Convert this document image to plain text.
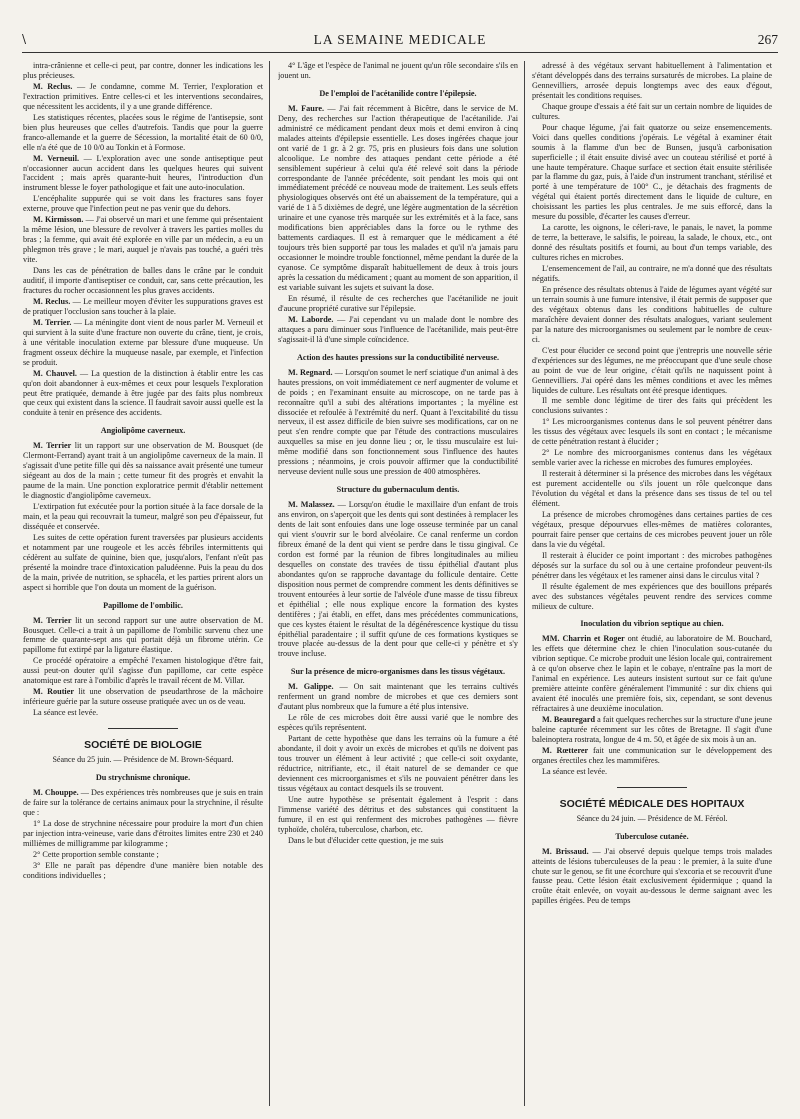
\	LA SEMAINE MEDICALE	267

intra-crânienne et celle-ci peut, par contre, donner les indications les plus précieuses.

M. Reclus. — Je condamne, comme M. Terrier, l'exploration et l'extraction primitives. Entre celles-ci et les interventions secondaires, que nécessitent les accidents, il y a une grande différence.

Les statistiques récentes, placées sous le régime de l'antisepsie, sont bien plus heureuses que celles d'autrefois. Tandis que pour la guerre franco-allemande et la guerre de Sécession, la mortalité était de 60 0/0, elle n'a été que de 10 0/0 au Tonkin et à Formose.

M. Verneuil. — L'exploration avec une sonde antiseptique peut n'occasionner aucun accident dans les quelques heures qui suivent l'accident ; mais après quarante-huit heures, l'introduction d'un instrument blesse le foyer pathologique et fait une auto-inoculation.

L'encéphalite suppurée qui se voit dans les fractures sans foyer externe, prouve que l'infection peut ne pas venir que du dehors.

M. Kirmisson. — J'ai observé un mari et une femme qui présentaient la même lésion, une blessure de revolver à travers les parties molles du bras ; la femme, qui avait été explorée en ville par un médecin, a eu un phlegmon très grave ; le mari, auquel je n'avais pas touché, a guéri très vite.

Dans les cas de pénétration de balles dans le crâne par le conduit auditif, il importe d'antiseptiser ce conduit, car, sans cette précaution, les fractures du rocher occasionnent les plus graves accidents.

M. Reclus. — Le meilleur moyen d'éviter les suppurations graves est de pratiquer l'occlusion sans toucher à la plaie.

M. Terrier. — La méningite dont vient de nous parler M. Verneuil et qui survient à la suite d'une fracture non ouverte du crâne, tient, je crois, à une véritable inoculation externe par blessure d'une muqueuse. Un fragment osseux déchire la muqueuse nasale, par exemple, et l'infection se produit.

M. Chauvel. — La question de la distinction à établir entre les cas qu'on doit abandonner à eux-mêmes et ceux pour lesquels l'exploration peut être pratiquée, demande à être jugée par des faits plus nombreux que ceux qui existent dans la science. Il faudrait savoir aussi quelle est la conduite à tenir en présence des accidents.

Angiolipôme caverneux.

M. Terrier lit un rapport sur une observation de M. Bousquet (de Clermont-Ferrand) ayant trait à un angiolipôme caverneux de la main. Il s'agissait d'une petite fille qui dès sa naissance avait présenté une tumeur siégeant au dos de la main ; cette tumeur fit des progrès et envahit la paume de la main. Une ponction exploratrice permit d'établir nettement le diagnostic d'angiolipôme caverneux.

L'extirpation fut exécutée pour la portion située à la face dorsale de la main, et la peau qui recouvrait la tumeur, malgré son peu d'épaisseur, fut disséquée et conservée.

Les suites de cette opération furent traversées par plusieurs accidents et notamment par une rougeole et les accès fébriles intermittents qui cédèrent au sulfate de quinine, bien que, jusqu'alors, l'enfant n'eût pas présenté la moindre trace d'intoxication paludéenne. Puis la peau du dos de la main, privée de nutrition, se sphacéla, et les parties prirent alors un aspect si horrible que l'on douta un moment de la guérison.

Papillome de l'ombilic.

M. Terrier lit un second rapport sur une autre observation de M. Bousquet. Celle-ci a trait à un papillome de l'ombilic survenu chez une femme de quarante-sept ans qui portait déjà un fibrome utérin. Ce papillome fut extirpé par la ligature élastique.

Ce procédé opératoire a empêché l'examen histologique d'être fait, aussi peut-on douter qu'il s'agisse d'un papillome, car cette espèce anatomique est rare à l'ombilic d'après le travail récent de M. Villar.

M. Routier lit une observation de pseudarthrose de la mâchoire inférieure guérie par la suture osseuse pratiquée avec un os de veau.

La séance est levée.

SOCIÉTÉ DE BIOLOGIE

Séance du 25 juin. — Présidence de M. Brown-Séquard.

Du strychnisme chronique.

M. Chouppe. — Des expériences très nombreuses que je suis en train de faire sur la tolérance de certains animaux pour la strychnine, il résulte que :

1° La dose de strychnine nécessaire pour produire la mort d'un chien par injection intra-veineuse, varie dans d'étroites limites entre 230 et 240 millièmes de milligramme par kilogramme ;

2° Cette proportion semble constante ;

3° Elle ne paraît pas dépendre d'une manière bien notable des conditions individuelles ;

4° L'âge et l'espèce de l'animal ne jouent qu'un rôle secondaire s'ils en jouent un.

De l'emploi de l'acétanilide contre l'épilepsie.

M. Faure. — J'ai fait récemment à Bicêtre, dans le service de M. Deny, des recherches sur l'action thérapeutique de l'acétanilide. J'ai administré ce médicament pendant deux mois et demi environ à cinq malades atteints d'épilepsie essentielle. Les doses ingérées chaque jour ont varié de 1 gr. à 2 gr. 75, pris en plusieurs fois dans une solution alcoolique. Le nombre des attaques pendant cette période a été sensiblement supérieur à celui qu'a été relevé soit dans la période correspondante de l'année précédente, soit pendant les mois qui ont immédiatement précédé ce nouveau mode de traitement. Les seuls effets physiologiques observés ont été un abaissement de la température, qui a varié de 1 à 5 dixièmes de degré, une légère augmentation de la sécrétion urinaire et une cyanose très marquée sur les extrémités et à la face, sans modifications bien appréciables dans la force ou le rythme des battements cardiaques. Il est à remarquer que le médicament a été toujours très bien supporté par tous les malades et qu'il n'a jamais paru occasionner le moindre trouble fonctionnel, même pendant la durée de la cyanose. Ce symptôme disparaît habituellement de deux à trois jours après la cessation du médicament ; quant au moment de son apparition, il est variable suivant les sujets et suivant la dose.

En résumé, il résulte de ces recherches que l'acétanilide ne jouit d'aucune propriété curative sur l'épilepsie.

M. Laborde. — J'ai cependant vu un malade dont le nombre des attaques a paru diminuer sous l'influence de l'acétanilide, mais peut-être s'agissait-il là d'une simple coïncidence.

Action des hautes pressions sur la conductibilité nerveuse.

M. Regnard. — Lorsqu'on soumet le nerf sciatique d'un animal à des hautes pressions, on voit immédiatement ce nerf augmenter de volume et de poids ; en l'examinant ensuite au microscope, on ne tarde pas à reconnaître qu'il a subi des altérations importantes ; la myéline est dissociée et refoulée à l'extrémité du nerf. Quant à l'excitabilité du tissu nerveux, il est assez difficile de bien suivre ses modifications, car on ne peut s'en rendre compte que par l'étude des contractions musculaires auxquelles sa mise en jeu donne lieu ; or, le tissu musculaire est lui-même modifié dans son fonctionnement sous l'influence des hautes pressions ; néanmoins, je crois pouvoir affirmer que la conductibilité nerveuse devient nulle sous une pression de 400 atmosphères.

Structure du gubernaculum dentis.

M. Malassez. — Lorsqu'on étudie le maxillaire d'un enfant de trois ans environ, on s'aperçoit que les dents qui sont destinées à remplacer les dents de lait sont enfouies dans une loge osseuse terminée par un canal qui vient s'ouvrir sur le bord alvéolaire. Ce canal renferme un cordon fibreux émané de la dent qui vient se perdre dans le tissu gingival. Ce cordon est formé par la réunion de fibres longitudinales au milieu desquelles on constate des travées de tissu épithélial d'autant plus abondantes qu'on se rapproche davantage du follicule dentaire. Cette disposition nous permet de comprendre comment les dents définitives se trouvent entourées à leur sortie de l'alvéole d'une masse de tissu fibreux et épithélial ; elle nous explique encore la formation des kystes dentifères ; j'ai établi, en effet, dans mes précédentes communications, que ces kystes étaient le résultat de la dégénérescence kystique du tissu épithélial paradentaire ; il suffit qu'une de ces formations kystiques se trouve placée au-dessus de la dent pour que celle-ci y pénètre et s'y trouve incluse.

Sur la présence de micro-organismes dans les tissus végétaux.

M. Galippe. — On sait maintenant que les terrains cultivés renferment un grand nombre de microbes et que ces derniers sont d'autant plus nombreux que la fumure a été plus intensive.

Le rôle de ces microbes doit être aussi varié que le nombre des espèces qu'ils représentent.

Partant de cette hypothèse que dans les terrains où la fumure a été abondante, il doit y avoir un excès de microbes et qu'ils ne doivent pas tous trouver un élément à leur activité ; que celle-ci soit oxydante, réductrice, nitrifiante, etc., il était naturel de se demander ce que deviennent ces microorganismes et s'ils ne pouvaient pénétrer dans les tissus végétaux au contact desquels ils se trouvent.

Une autre hypothèse se présentait également à l'esprit : dans l'immense variété des détritus et des substances qui constituent la fumure, il en est qui renferment des microbes pathogènes — fièvre typhoïde, choléra, tuberculose, charbon, etc.

Dans le but d'élucider cette question, je me suis

adressé à des végétaux servant habituellement à l'alimentation et s'étant développés dans des terrains sursaturés de microbes. La plaine de Gennevilliers, arrosée depuis longtemps avec des eaux d'égout, présentait les conditions requises.

Chaque groupe d'essais a été fait sur un certain nombre de liquides de cultures.

Pour chaque légume, j'ai fait quatorze ou seize ensemencements. Voici dans quelles conditions j'opérais. Le végétal à examiner était soumis à la flamme d'un bec de Bunsen, jusqu'à carbonisation superficielle ; il était ensuite divisé avec un couteau stérilisé et porté à une haute température. Chaque surface et section était ensuite stérilisée par la flamme du gaz, puis, à l'aide d'un instrument tranchant, stérilisé et porté à une température de 100° C., je détachais des fragments de végétal qui étaient portés directement dans le liquide de culture, en choisissant les parties les plus centrales. Je me suis efforcé, dans la mesure du possible, d'écarter les causes d'erreur.

La carotte, les oignons, le céleri-rave, le panais, le navet, la pomme de terre, la betterave, le salsifis, le poireau, la salade, le choux, etc., ont donné des résultats positifs et fourni, au bout d'un temps variable, des cultures riches en microbes.

L'ensemencement de l'ail, au contraire, ne m'a donné que des résultats négatifs.

En présence des résultats obtenus à l'aide de légumes ayant végété sur un terrain soumis à une fumure intensive, il était permis de supposer que des végétaux obtenus dans les conditions habituelles de culture maraîchère devaient donner des résultats analogues, variant seulement par la nature des microorganismes ou seulement par le nombre de ceux-ci.

C'est pour élucider ce second point que j'entrepris une nouvelle série d'expériences sur des légumes, ne me préoccupant que d'une seule chose au point de vue de leur origine, c'était qu'ils ne naquissent point à Gennevilliers. J'ai opéré dans les mêmes conditions et avec les mêmes liquides de culture. Les résultats ont été presque identiques.

Il me semble donc légitime de tirer des faits qui précèdent les conclusions suivantes :

1° Les microorganismes contenus dans le sol peuvent pénétrer dans les tissus des végétaux avec lesquels ils sont en contact ; le mécanisme de cette pénétration restant à élucider ;

2° Le nombre des microorganismes contenus dans les végétaux semble varier avec la richesse en microbes des fumures employées.

Il resterait à déterminer si la présence des microbes dans les végétaux est purement accidentelle ou s'ils jouent un rôle quelconque dans l'évolution du végétal et dans la présence dans ses tissus de tel ou tel élément.

La présence de microbes chromogènes dans certaines parties de ces végétaux, presque dépourvues elles-mêmes de matières colorantes, pourrait faire penser que certains de ces microbes peuvent jouer un rôle dans la vie du végétal.

Il resterait à élucider ce point important : des microbes pathogènes déposés sur la surface du sol ou à une certaine profondeur peuvent-ils pénétrer dans les végétaux et les ramener ainsi dans le circulus vital ?

Il résulte également de mes expériences que des bouillons préparés avec des substances végétales peuvent rendre des services comme milieux de culture.

Inoculation du vibrion septique au chien.

MM. Charrin et Roger ont étudié, au laboratoire de M. Bouchard, les effets que détermine chez le chien l'inoculation sous-cutanée du vibrion septique. Ce microbe produit une lésion locale qui, contrairement à ce qu'on observe chez le lapin et le cobaye, n'entraîne pas la mort de l'animal en expérience. Les auteurs insistent surtout sur ce fait qu'une première atteinte confère généralement l'immunité : sur dix chiens qui avaient été inoculés une première fois, six, cependant, se sont devenus réfractaires à une deuxième inoculation.

M. Beauregard a fait quelques recherches sur la structure d'une jeune baleine capturée récemment sur les côtes de Bretagne. Il s'agit d'une baleinoptera rostrata, longue de 4 m. 50, et âgée de six mois à un an.

M. Rœtterer fait une communication sur le développement des organes érectiles chez les mammifères.

La séance est levée.

SOCIÉTÉ MÉDICALE DES HOPITAUX

Séance du 24 juin. — Présidence de M. Féréol.

Tuberculose cutanée.

M. Brissaud. — J'ai observé depuis quelque temps trois malades atteints de lésions tuberculeuses de la peau : le premier, à la suite d'une chute sur le genou, se fit une écorchure qui s'excoria et se recouvrit d'une fausse peau. Cette lésion était exclusivement épidermique ; quand la croûte était enlevée, on voyait au-dessous le derme saignant avec les papilles érigées. Peu de temps
